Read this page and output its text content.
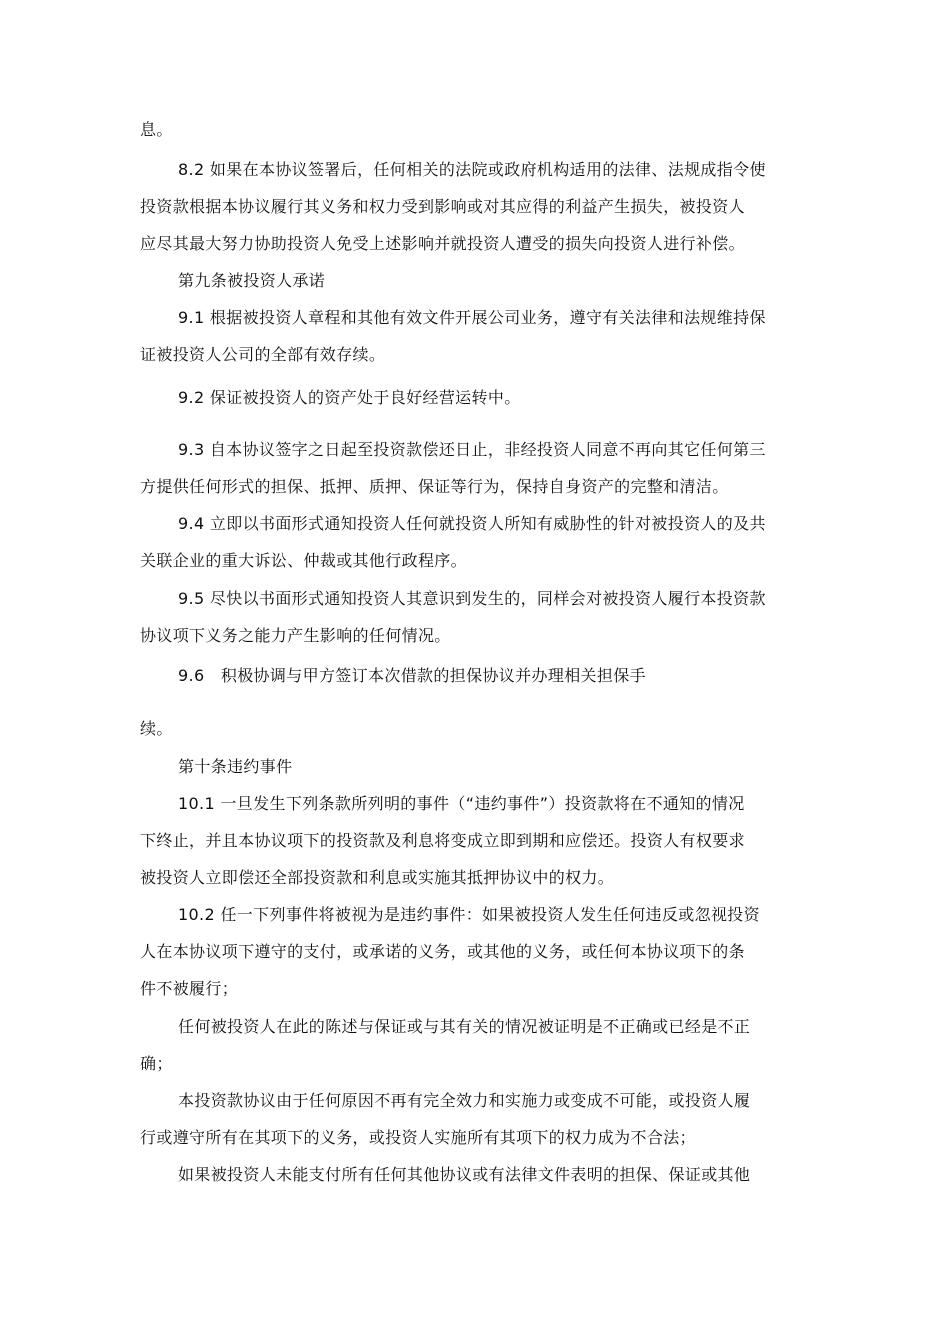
息。
8.2 如果在本协议签署后，任何相关的法院或政府机构适用的法律、法规成指令使
投资款根据本协议履行其义务和权力受到影响或对其应得的利益产生损失，被投资人
应尽其最大努力协助投资人免受上述影响并就投资人遭受的损失向投资人进行补偿。
第九条被投资人承诺
9.1 根据被投资人章程和其他有效文件开展公司业务，遵守有关法律和法规维持保
证被投资人公司的全部有效存续。
9.2 保证被投资人的资产处于良好经营运转中。
9.3 自本协议签字之日起至投资款偿还日止，非经投资人同意不再向其它任何第三
方提供任何形式的担保、抵押、质押、保证等行为，保持自身资产的完整和清洁。
9.4 立即以书面形式通知投资人任何就投资人所知有威胁性的针对被投资人的及共
关联企业的重大诉讼、仲裁或其他行政程序。
9.5 尽快以书面形式通知投资人其意识到发生的，同样会对被投资人履行本投资款
协议项下义务之能力产生影响的任何情况。
9.6　积极协调与甲方签订本次借款的担保协议并办理相关担保手
续。
第十条违约事件
10.1 一旦发生下列条款所列明的事件（“违约事件”）投资款将在不通知的情况
下终止，并且本协议项下的投资款及利息将变成立即到期和应偿还。投资人有权要求
被投资人立即偿还全部投资款和利息或实施其抵押协议中的权力。
10.2 任一下列事件将被视为是违约事件：如果被投资人发生任何违反或忽视投资
人在本协议项下遵守的支付，或承诺的义务，或其他的义务，或任何本协议项下的条
件不被履行；
任何被投资人在此的陈述与保证或与其有关的情况被证明是不正确或已经是不正
确；
本投资款协议由于任何原因不再有完全效力和实施力或变成不可能，或投资人履
行或遵守所有在其项下的义务，或投资人实施所有其项下的权力成为不合法；
如果被投资人未能支付所有任何其他协议或有法律文件表明的担保、保证或其他
